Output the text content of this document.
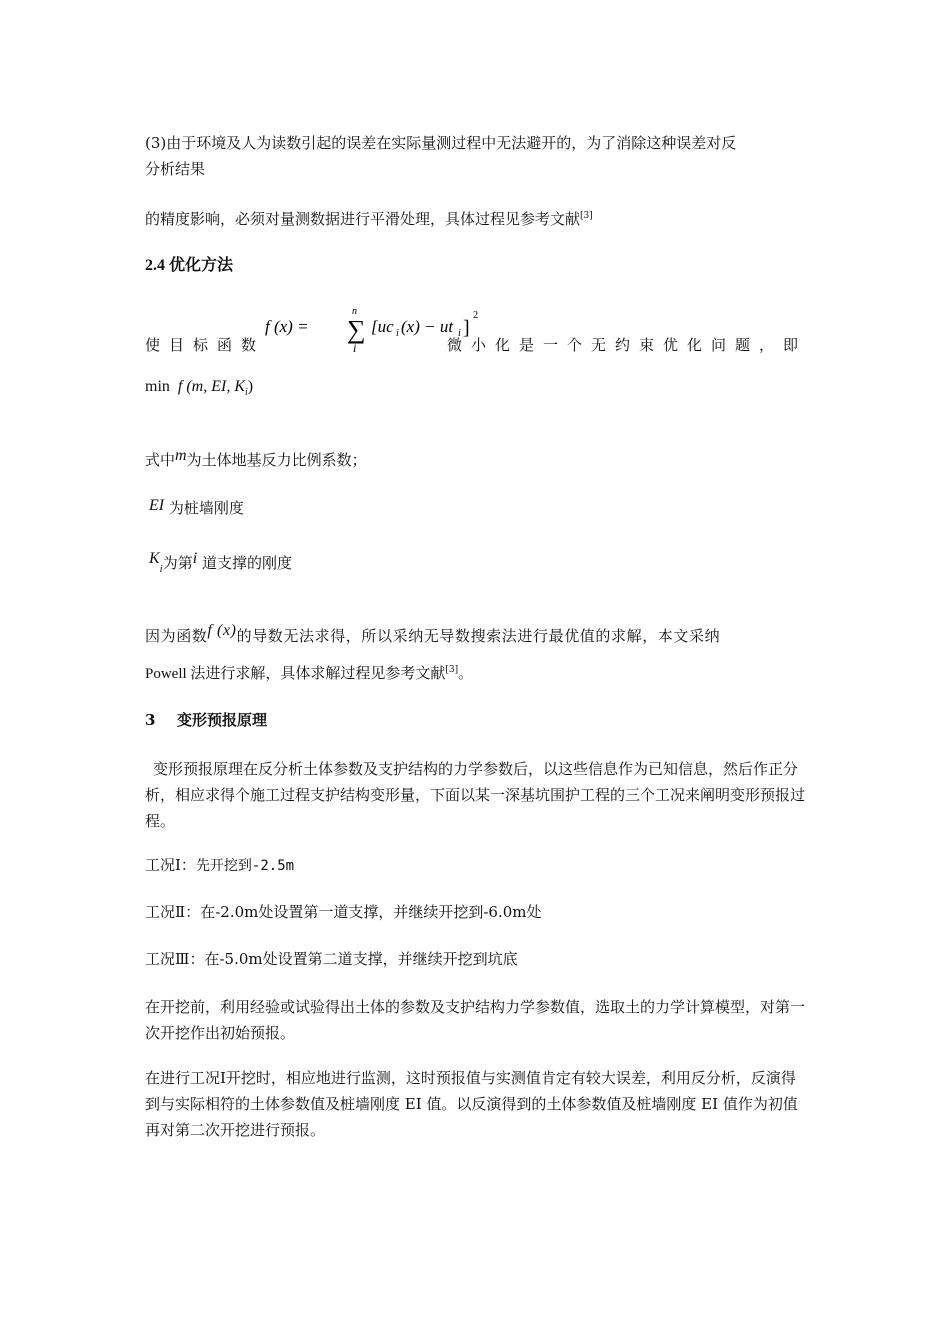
(3)由于环境及人为读数引起的误差在实际量测过程中无法避开的，为了消除这种误差对反
分析结果

的精度影响，必须对量测数据进行平滑处理，具体过程见参考文献[3]

2.4 优化方法

使目标函数
f (x) = ∑
n
i
[uc i (x) − ut i ]
2
微小化是一个无约束优化问题，即

min f (m, EI, $K_i$)

式中m为土体地基反力比例系数；

EI 为桩墙刚度

$K_i$为第i 道支撑的刚度

因为函数f (x)的导数无法求得，所以采纳无导数搜索法进行最优值的求解，本文采纳

Powell 法进行求解，具体求解过程见参考文献[3]。

3 变形预报原理

变形预报原理在反分析土体参数及支护结构的力学参数后，以这些信息作为已知信息，然后作正分析，相应求得个施工过程支护结构变形量，下面以某一深基坑围护工程的三个工况来阐明变形预报过程。

工况Ⅰ：先开挖到-2.5m

工况Ⅱ：在-2.0m处设置第一道支撑，并继续开挖到-6.0m处

工况Ⅲ：在-5.0m处设置第二道支撑，并继续开挖到坑底

在开挖前，利用经验或试验得出土体的参数及支护结构力学参数值，选取土的力学计算模型，对第一次开挖作出初始预报。

在进行工况Ⅰ开挖时，相应地进行监测，这时预报值与实测值肯定有较大误差，利用反分析，反演得到与实际相符的土体参数值及桩墙刚度 EI 值。以反演得到的土体参数值及桩墙刚度 EI 值作为初值再对第二次开挖进行预报。
